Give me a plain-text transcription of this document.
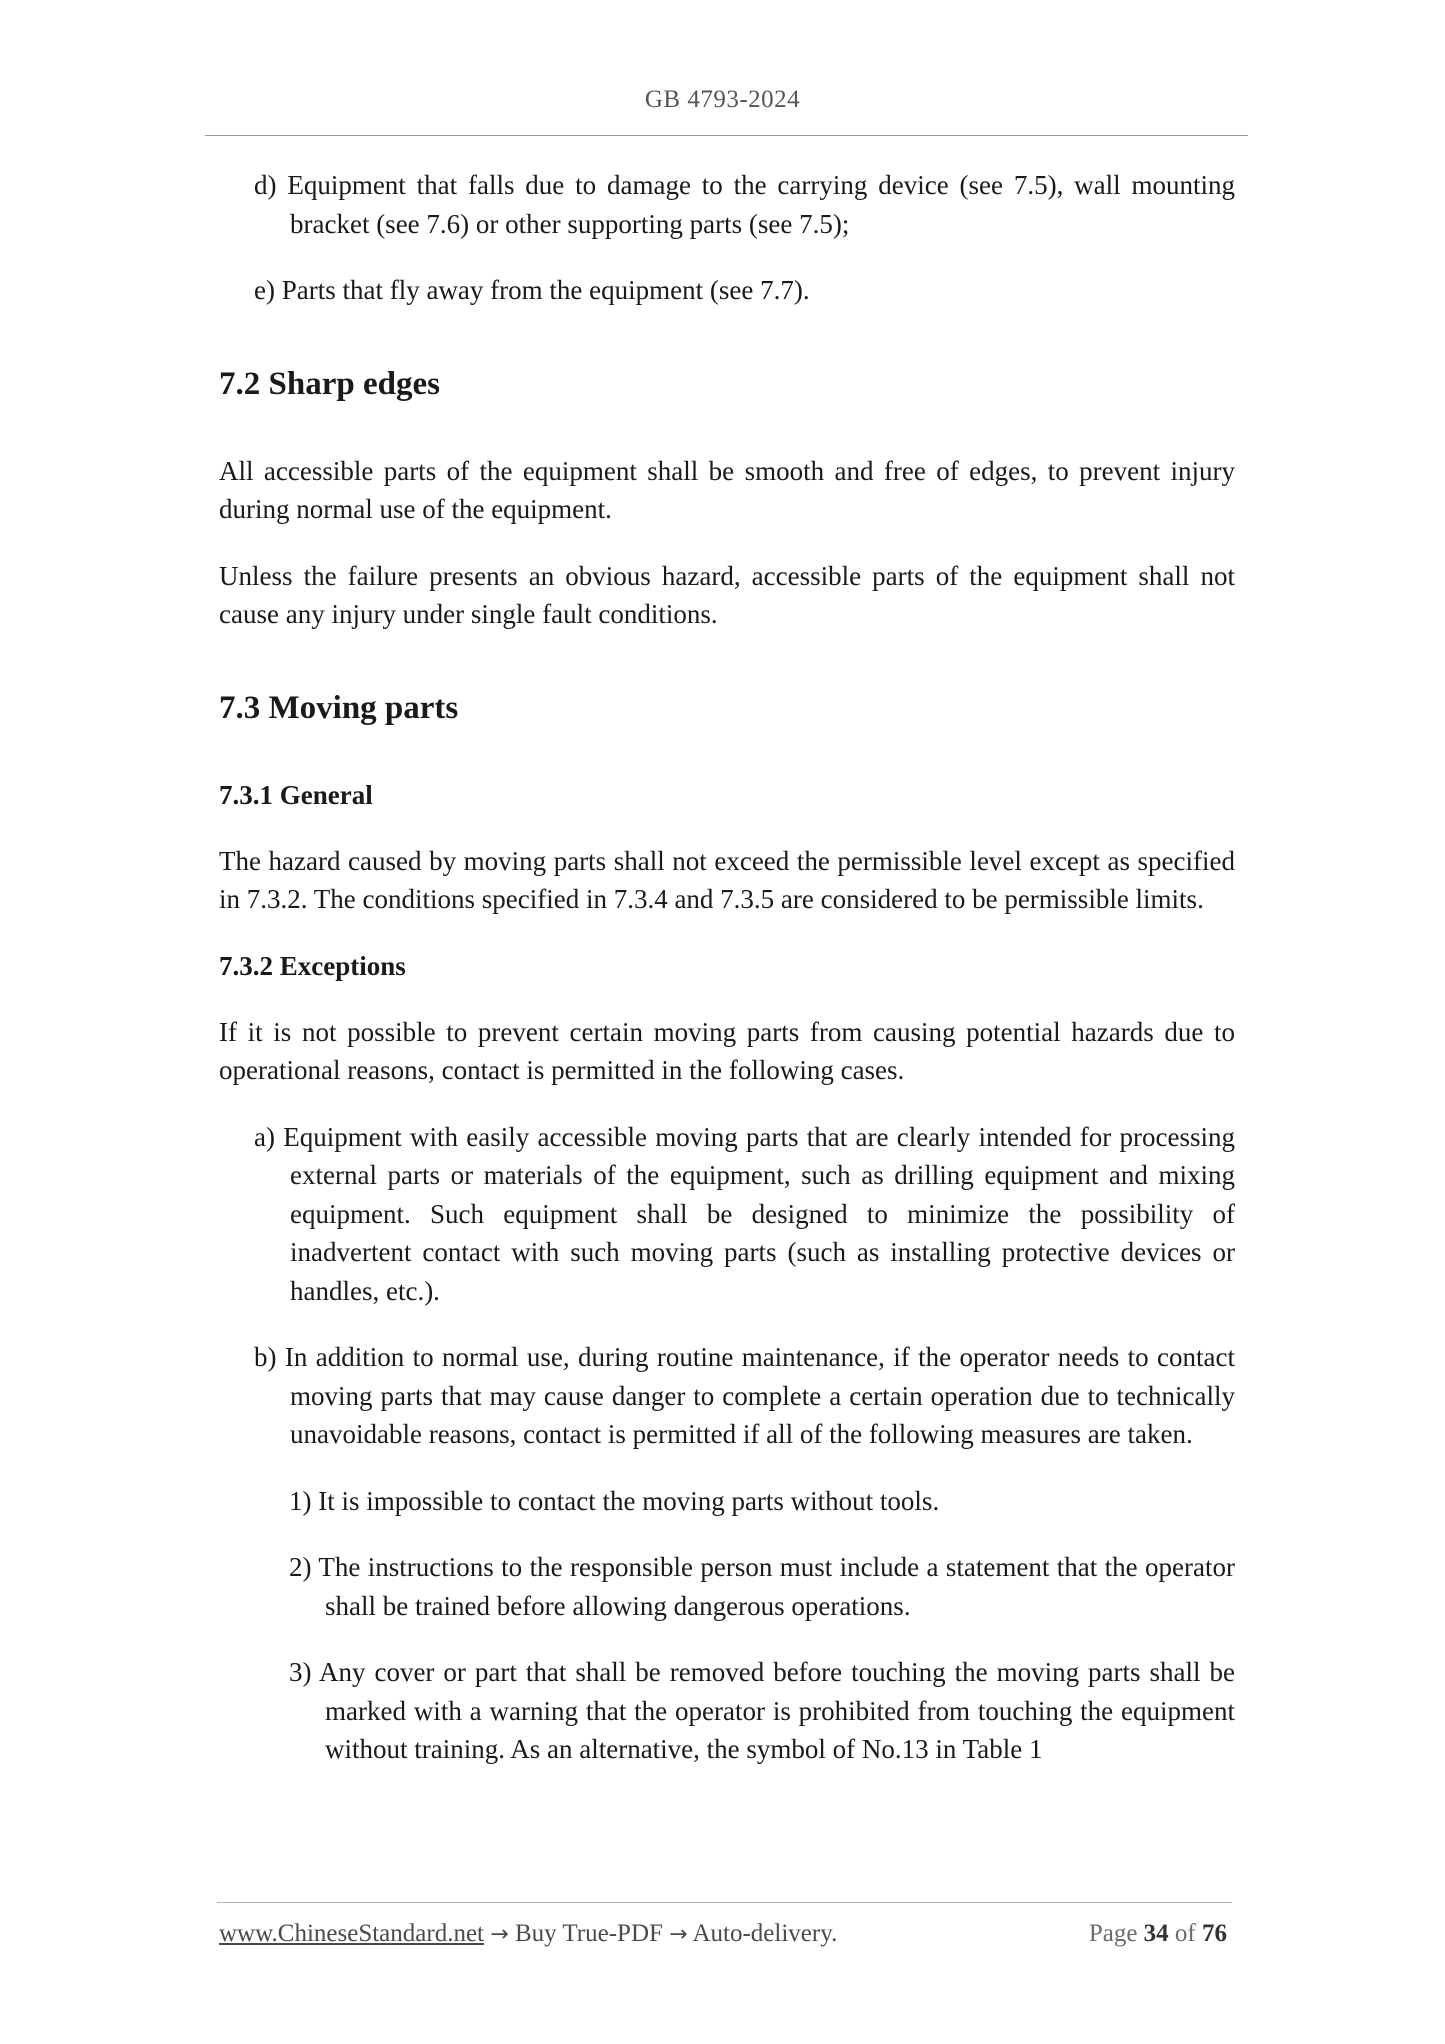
GB 4793-2024

d) Equipment that falls due to damage to the carrying device (see 7.5), wall mounting bracket (see 7.6) or other supporting parts (see 7.5);

e) Parts that fly away from the equipment (see 7.7).

7.2 Sharp edges

All accessible parts of the equipment shall be smooth and free of edges, to prevent injury during normal use of the equipment.

Unless the failure presents an obvious hazard, accessible parts of the equipment shall not cause any injury under single fault conditions.

7.3 Moving parts
7.3.1 General

The hazard caused by moving parts shall not exceed the permissible level except as specified in 7.3.2. The conditions specified in 7.3.4 and 7.3.5 are considered to be permissible limits.

7.3.2 Exceptions

If it is not possible to prevent certain moving parts from causing potential hazards due to operational reasons, contact is permitted in the following cases.

a) Equipment with easily accessible moving parts that are clearly intended for processing external parts or materials of the equipment, such as drilling equipment and mixing equipment. Such equipment shall be designed to minimize the possibility of inadvertent contact with such moving parts (such as installing protective devices or handles, etc.).

b) In addition to normal use, during routine maintenance, if the operator needs to contact moving parts that may cause danger to complete a certain operation due to technically unavoidable reasons, contact is permitted if all of the following measures are taken.

1) It is impossible to contact the moving parts without tools.

2) The instructions to the responsible person must include a statement that the operator shall be trained before allowing dangerous operations.

3) Any cover or part that shall be removed before touching the moving parts shall be marked with a warning that the operator is prohibited from touching the equipment without training. As an alternative, the symbol of No.13 in Table 1

www.ChineseStandard.net → Buy True-PDF → Auto-delivery.	Page 34 of 76
